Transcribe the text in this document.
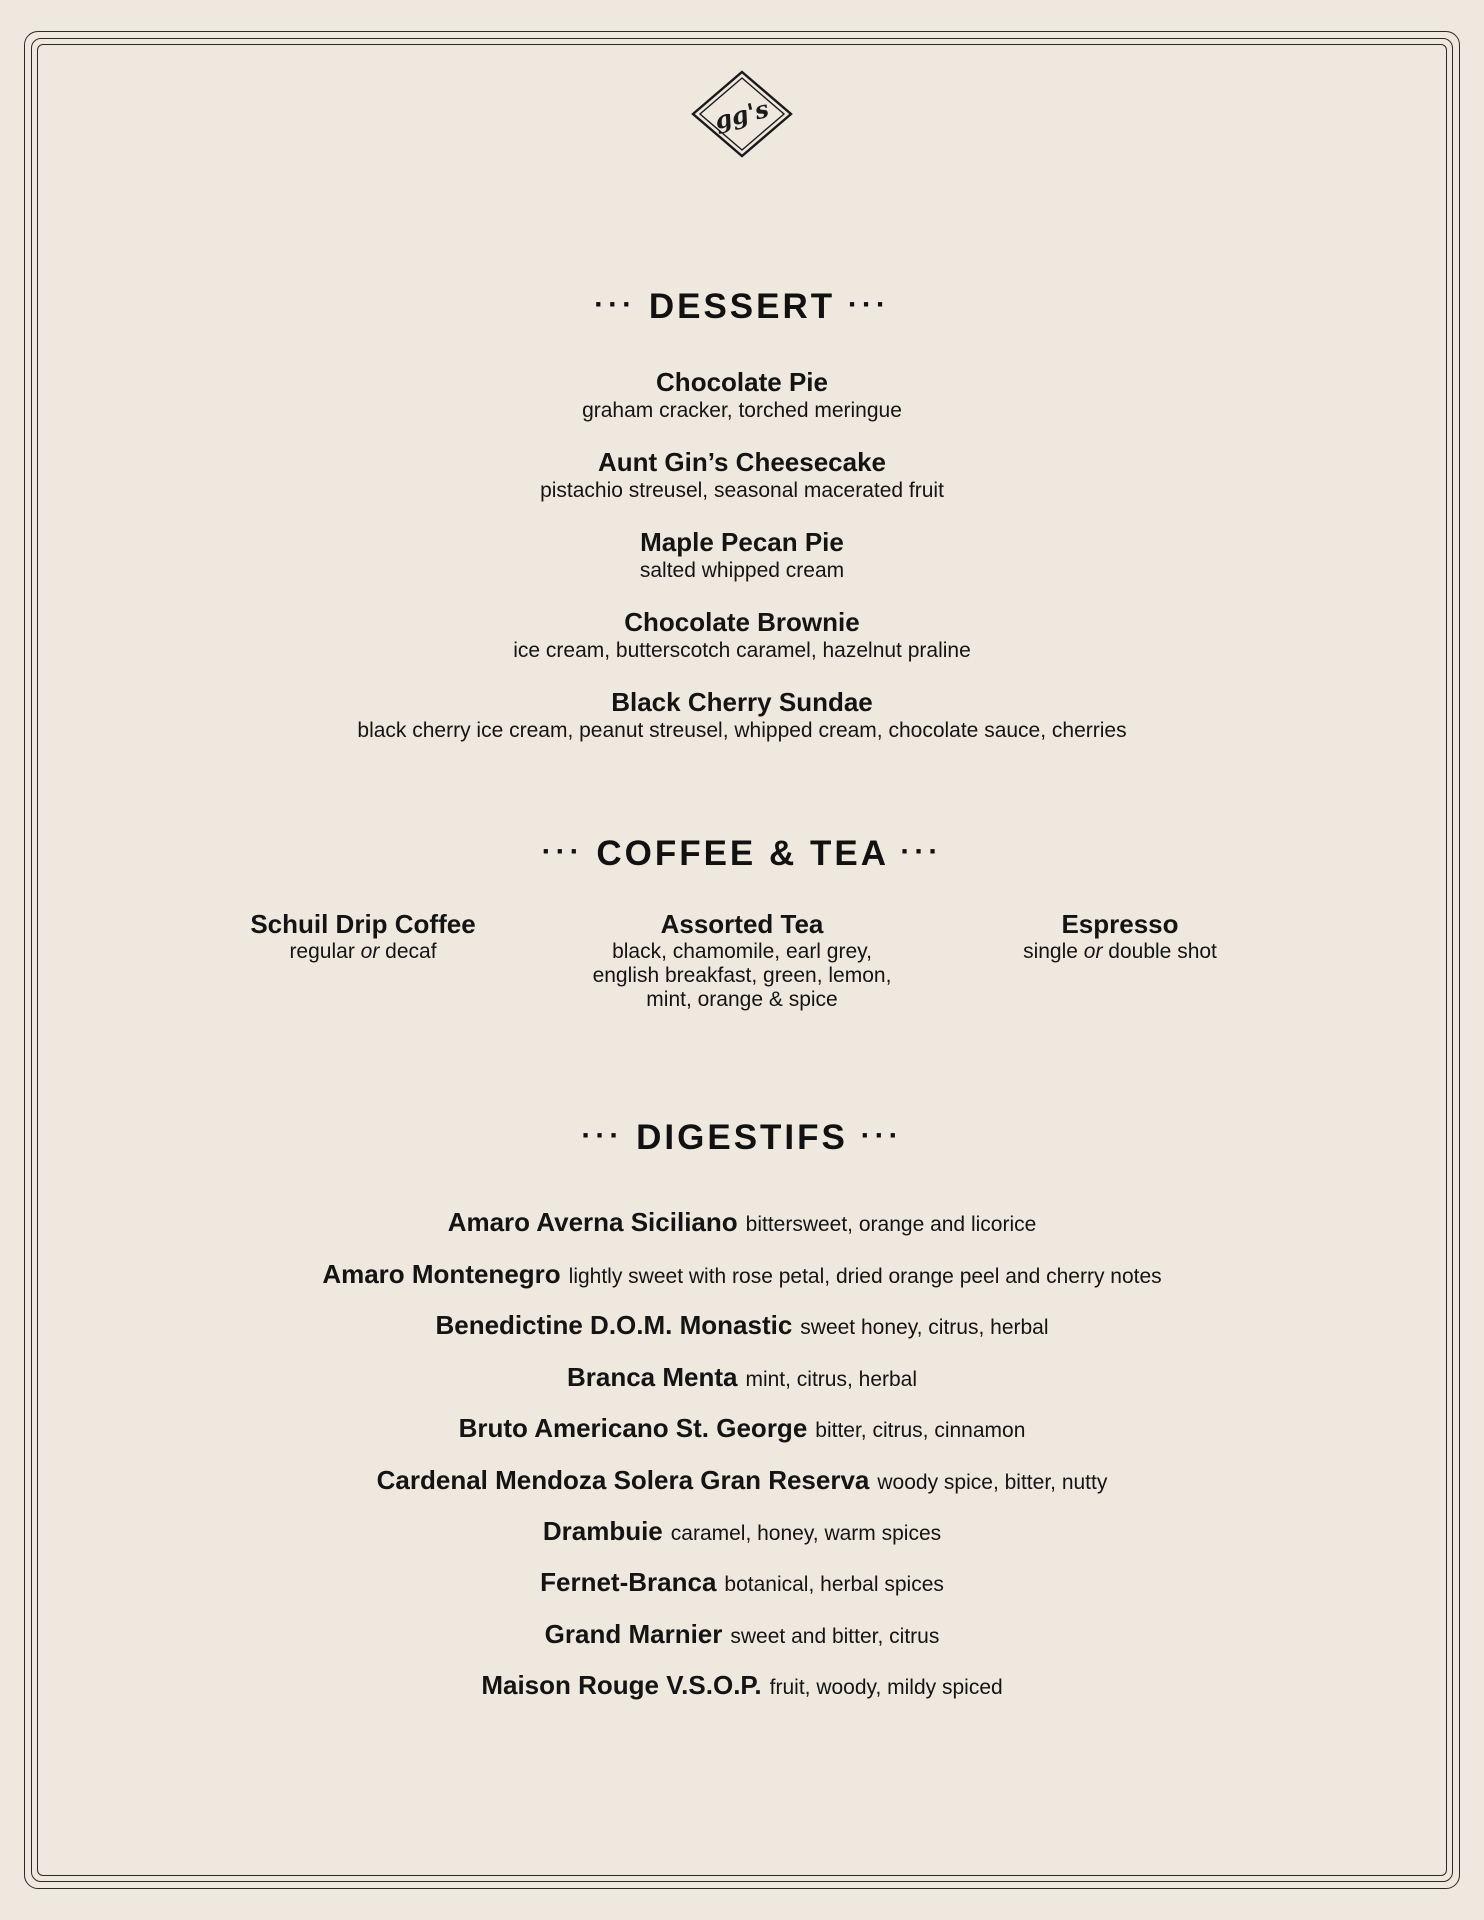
gg's
··· DESSERT ···
Chocolate Pie
graham cracker, torched meringue
Aunt Gin’s Cheesecake
pistachio streusel, seasonal macerated fruit
Maple Pecan Pie
salted whipped cream
Chocolate Brownie
ice cream, butterscotch caramel, hazelnut praline
Black Cherry Sundae
black cherry ice cream, peanut streusel, whipped cream, chocolate sauce, cherries
··· COFFEE & TEA ···
Schuil Drip Coffee
regular or decaf
Assorted Tea
black, chamomile, earl grey,
english breakfast, green, lemon,
mint, orange & spice
Espresso
single or double shot
··· DIGESTIFS ···
Amaro Averna Siciliano bittersweet, orange and licorice
Amaro Montenegro lightly sweet with rose petal, dried orange peel and cherry notes
Benedictine D.O.M. Monastic sweet honey, citrus, herbal
Branca Menta mint, citrus, herbal
Bruto Americano St. George bitter, citrus, cinnamon
Cardenal Mendoza Solera Gran Reserva woody spice, bitter, nutty
Drambuie caramel, honey, warm spices
Fernet-Branca botanical, herbal spices
Grand Marnier sweet and bitter, citrus
Maison Rouge V.S.O.P. fruit, woody, mildy spiced
